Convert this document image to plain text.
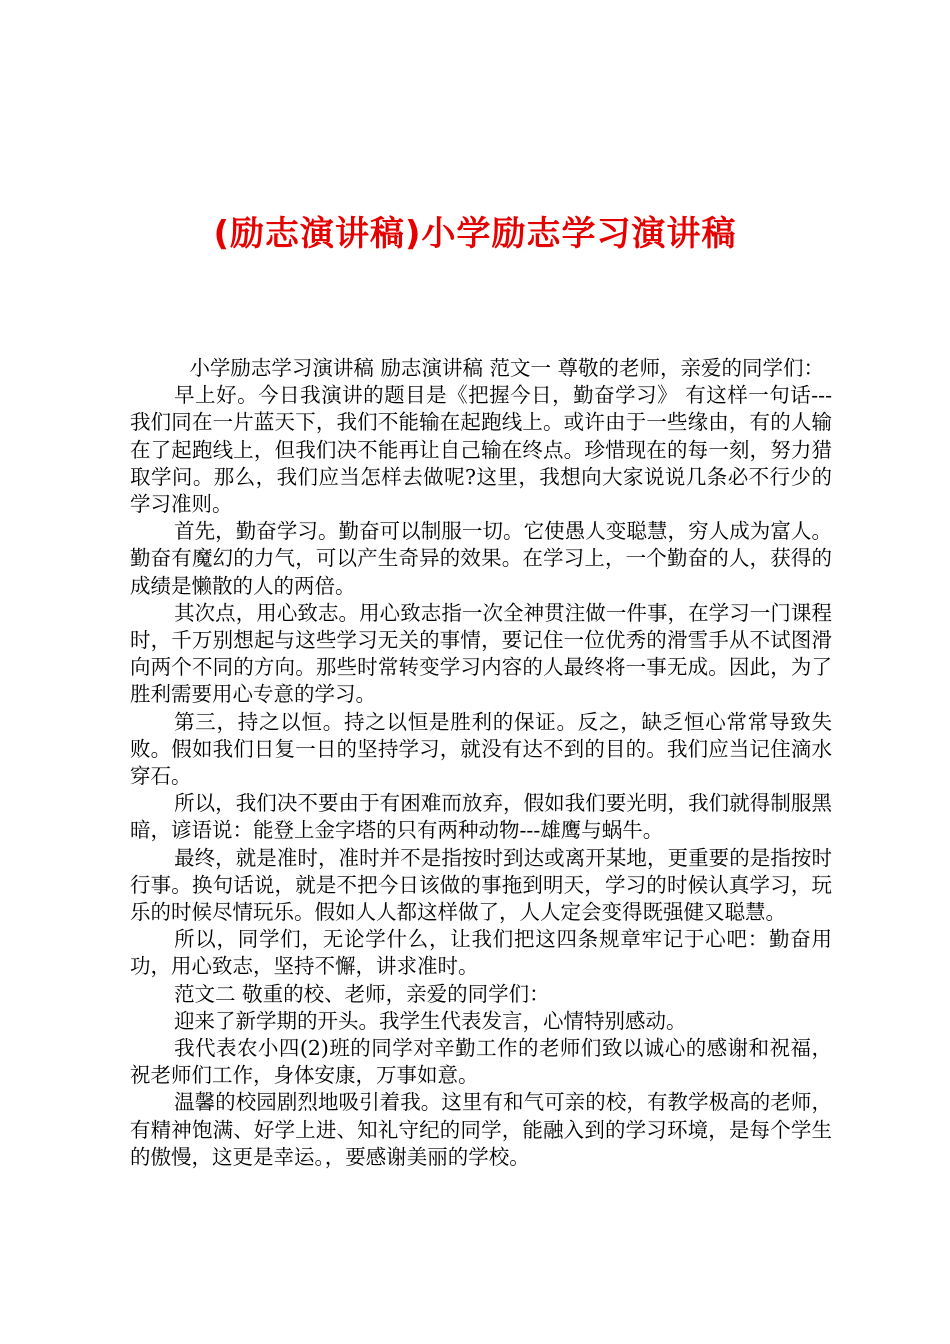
(励志演讲稿)小学励志学习演讲稿

小学励志学习演讲稿 励志演讲稿 范文一 尊敬的老师，亲爱的同学们：

早上好。今日我演讲的题目是《把握今日，勤奋学习》 有这样一句话---我们同在一片蓝天下，我们不能输在起跑线上。或许由于一些缘由，有的人输在了起跑线上，但我们决不能再让自己输在终点。珍惜现在的每一刻，努力猎取学问。那么，我们应当怎样去做呢?这里，我想向大家说说几条必不行少的学习准则。

首先，勤奋学习。勤奋可以制服一切。它使愚人变聪慧，穷人成为富人。勤奋有魔幻的力气，可以产生奇异的效果。在学习上，一个勤奋的人，获得的成绩是懒散的人的两倍。

其次点，用心致志。用心致志指一次全神贯注做一件事，在学习一门课程时，千万别想起与这些学习无关的事情，要记住一位优秀的滑雪手从不试图滑向两个不同的方向。那些时常转变学习内容的人最终将一事无成。因此，为了胜利需要用心专意的学习。

第三，持之以恒。持之以恒是胜利的保证。反之，缺乏恒心常常导致失败。假如我们日复一日的坚持学习，就没有达不到的目的。我们应当记住滴水穿石。

所以，我们决不要由于有困难而放弃，假如我们要光明，我们就得制服黑暗，谚语说：能登上金字塔的只有两种动物---雄鹰与蜗牛。

最终，就是准时，准时并不是指按时到达或离开某地，更重要的是指按时行事。换句话说，就是不把今日该做的事拖到明天，学习的时候认真学习，玩乐的时候尽情玩乐。假如人人都这样做了，人人定会变得既强健又聪慧。

所以，同学们，无论学什么，让我们把这四条规章牢记于心吧：勤奋用功，用心致志，坚持不懈，讲求准时。

范文二 敬重的校、老师，亲爱的同学们：

迎来了新学期的开头。我学生代表发言，心情特别感动。

我代表农小四(2)班的同学对辛勤工作的老师们致以诚心的感谢和祝福，祝老师们工作，身体安康，万事如意。

温馨的校园剧烈地吸引着我。这里有和气可亲的校，有教学极高的老师，有精神饱满、好学上进、知礼守纪的同学，能融入到的学习环境，是每个学生的傲慢，这更是幸运。，要感谢美丽的学校。
